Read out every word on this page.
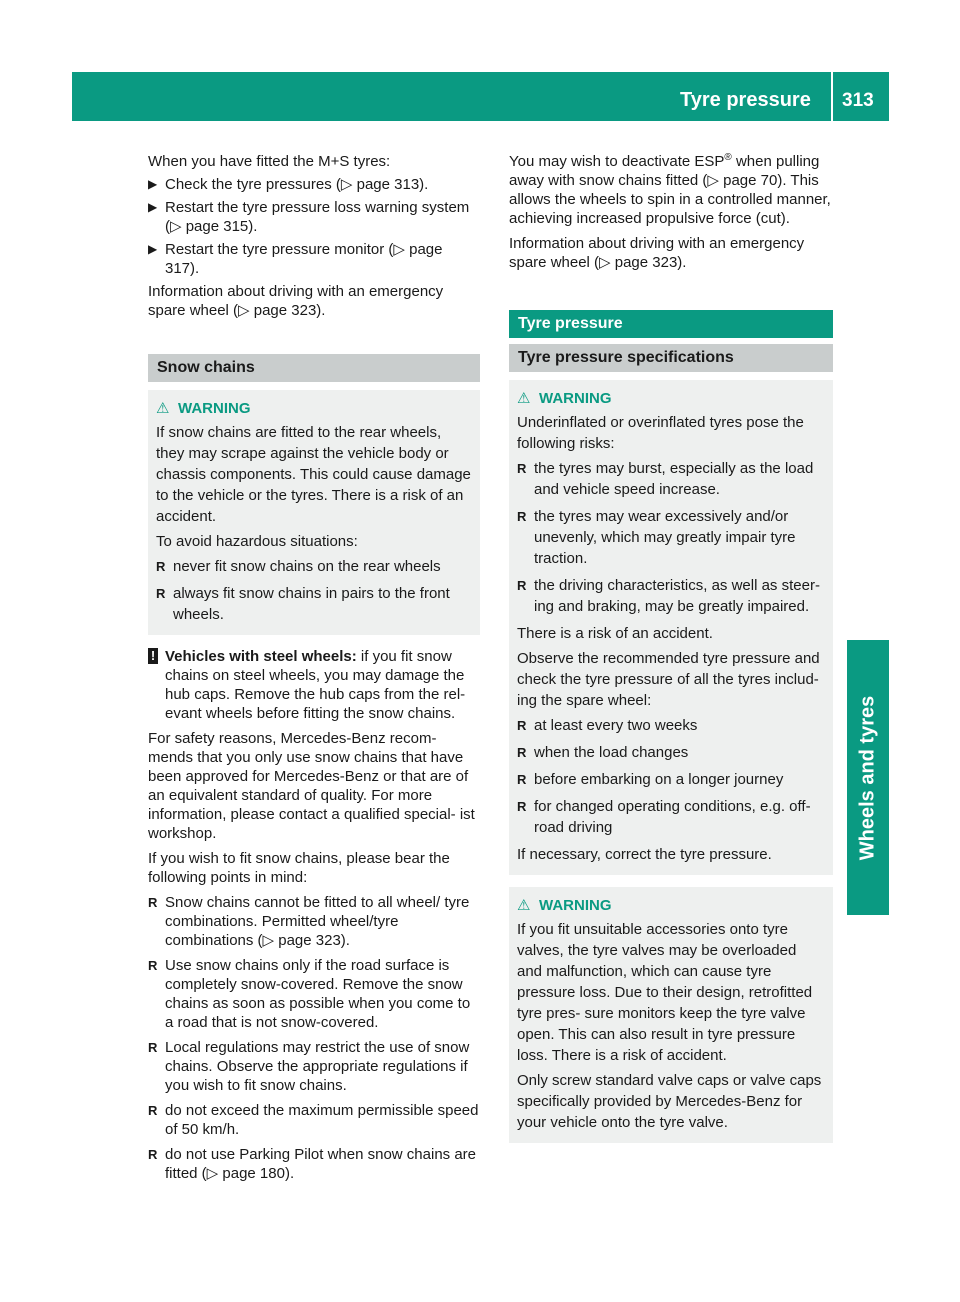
Tyre pressure 313
Wheels and tyres

When you have fitted the M+S tyres:

▶ Check the tyre pressures (▷ page 313).
▶ Restart the tyre pressure loss warning system (▷ page 315).
▶ Restart the tyre pressure monitor (▷ page 317).

Information about driving with an emergency spare wheel (▷ page 323).

Snow chains
⚠ WARNING

If snow chains are fitted to the rear wheels, they may scrape against the vehicle body or chassis components. This could cause damage to the vehicle or the tyres. There is a risk of an accident.

To avoid hazardous situations:

R never fit snow chains on the rear wheels
R always fit snow chains in pairs to the front wheels.
! Vehicles with steel wheels: if you fit snow chains on steel wheels, you may damage the hub caps. Remove the hub caps from the rel- evant wheels before fitting the snow chains.

For safety reasons, Mercedes-Benz recom- mends that you only use snow chains that have been approved for Mercedes-Benz or that are of an equivalent standard of quality. For more information, please contact a qualified special- ist workshop.

If you wish to fit snow chains, please bear the following points in mind:

R Snow chains cannot be fitted to all wheel/ tyre combinations. Permitted wheel/tyre combinations (▷ page 323).
R Use snow chains only if the road surface is completely snow-covered. Remove the snow chains as soon as possible when you come to a road that is not snow-covered.
R Local regulations may restrict the use of snow chains. Observe the appropriate regulations if you wish to fit snow chains.
R do not exceed the maximum permissible speed of 50 km/h.
R do not use Parking Pilot when snow chains are fitted (▷ page 180).

You may wish to deactivate ESP® when pulling away with snow chains fitted (▷ page 70). This allows the wheels to spin in a controlled manner, achieving increased propulsive force (cut).

Information about driving with an emergency spare wheel (▷ page 323).

Tyre pressure
Tyre pressure specifications
⚠ WARNING

Underinflated or overinflated tyres pose the following risks:

R the tyres may burst, especially as the load and vehicle speed increase.
R the tyres may wear excessively and/or unevenly, which may greatly impair tyre traction.
R the driving characteristics, as well as steer- ing and braking, may be greatly impaired.

There is a risk of an accident.

Observe the recommended tyre pressure and check the tyre pressure of all the tyres includ- ing the spare wheel:

R at least every two weeks
R when the load changes
R before embarking on a longer journey
R for changed operating conditions, e.g. off- road driving

If necessary, correct the tyre pressure.

⚠ WARNING

If you fit unsuitable accessories onto tyre valves, the tyre valves may be overloaded and malfunction, which can cause tyre pressure loss. Due to their design, retrofitted tyre pres- sure monitors keep the tyre valve open. This can also result in tyre pressure loss. There is a risk of accident.

Only screw standard valve caps or valve caps specifically provided by Mercedes-Benz for your vehicle onto the tyre valve.
